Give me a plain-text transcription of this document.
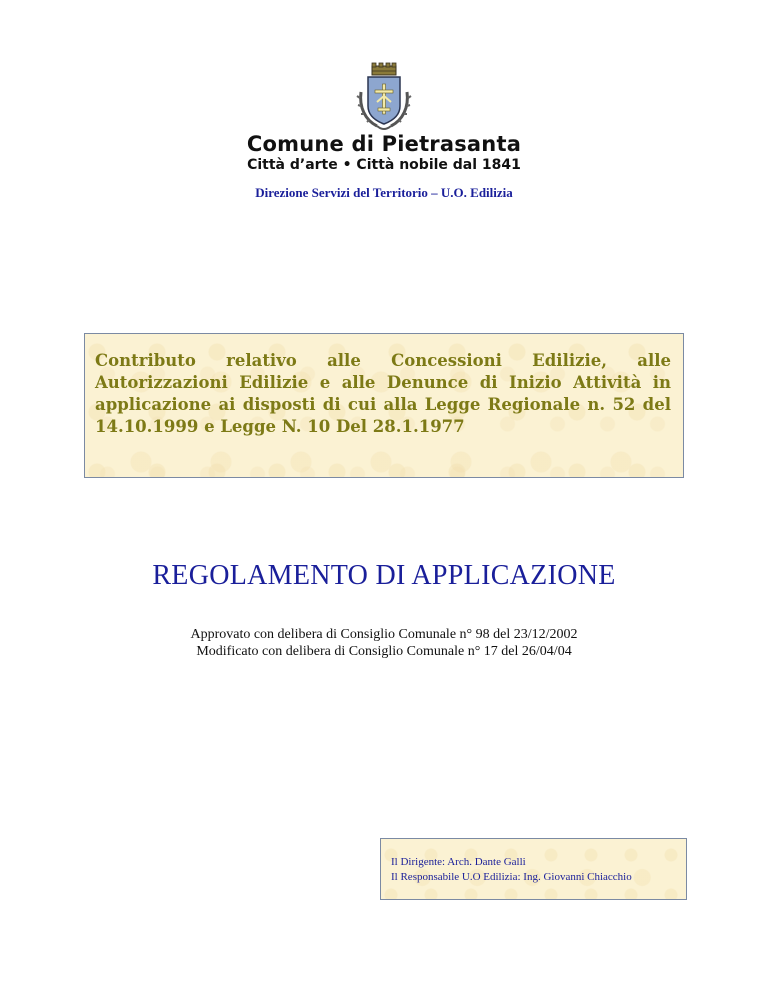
Comune di Pietrasanta
Città d’arte • Città nobile dal 1841
Direzione Servizi del Territorio – U.O. Edilizia

Contributo relativo alle Concessioni Edilizie, alle Autorizzazioni Edilizie e alle Denunce di Inizio Attività in applicazione ai disposti di cui alla Legge Regionale n. 52 del 14.10.1999 e Legge N. 10 Del 28.1.1977

REGOLAMENTO DI APPLICAZIONE
Approvato con delibera di Consiglio Comunale n° 98 del 23/12/2002
Modificato con delibera di Consiglio Comunale n° 17 del 26/04/04
Il Dirigente: Arch. Dante Galli
Il Responsabile U.O Edilizia: Ing. Giovanni Chiacchio
